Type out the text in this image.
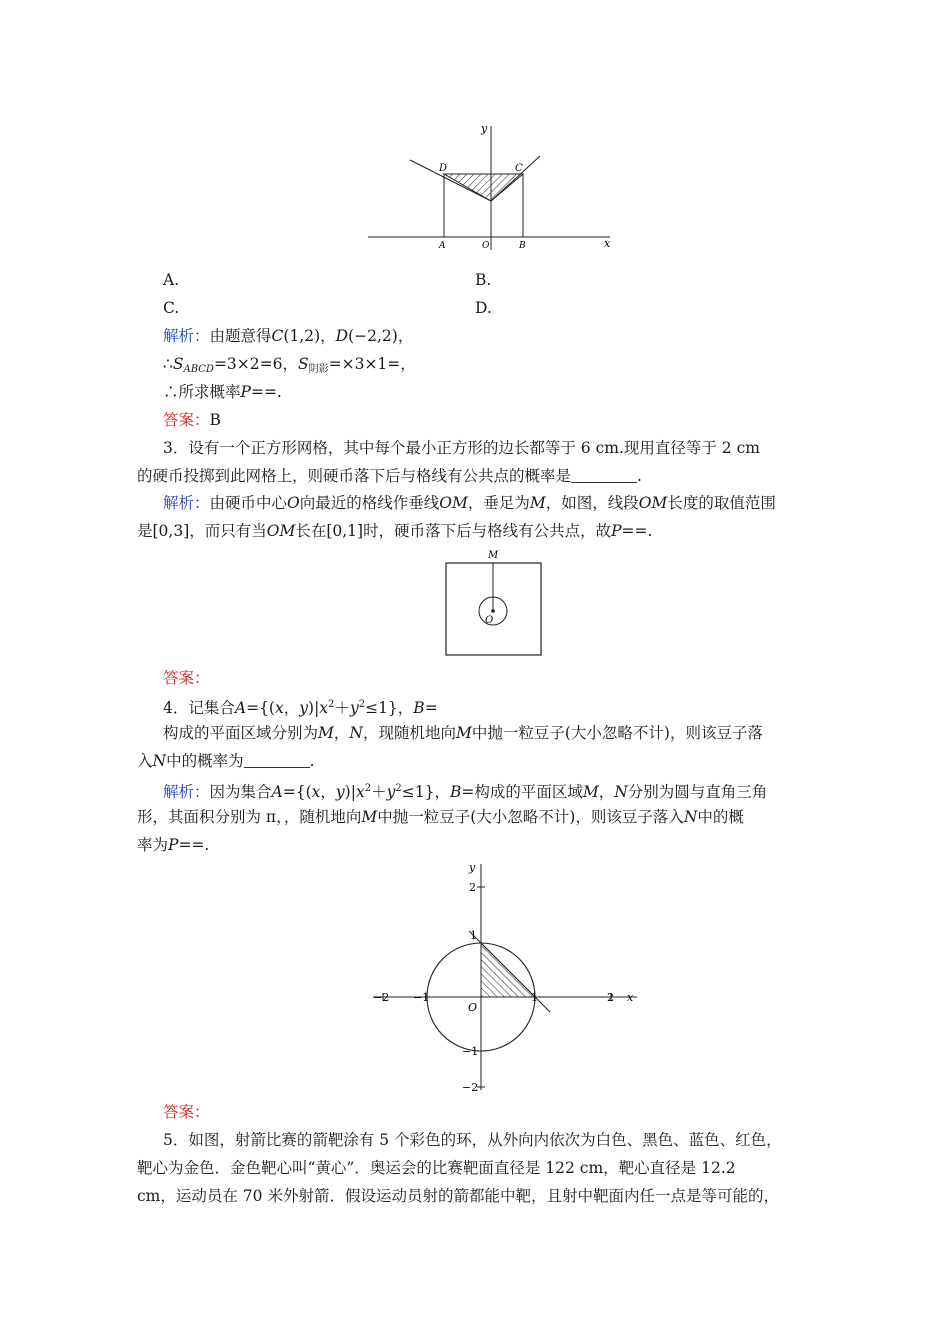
y
x
D	C
A	O	B
A.	B.
C.	D.
解析：由题意得C(1,2)，D(−2,2)，
$\therefore S_{ABCD}=3\times 2=6$，$S_{阴影}=\times 3\times 1=$，
∴所求概率P==.
答案：B
3．设有一个正方形网格，其中每个最小正方形的边长都等于 6 cm.现用直径等于 2 cm
的硬币投掷到此网格上，则硬币落下后与格线有公共点的概率是	.
解析：由硬币中心O向最近的格线作垂线OM，垂足为M，如图，线段OM长度的取值范围
是[0,3]，而只有当OM长在[0,1]时，硬币落下后与格线有公共点，故P==.
M
O
答案：
4．记集合A={(x，$y)|x^2+y^2\le 1$}，B=
构成的平面区域分别为M，N，现随机地向M中抛一粒豆子(大小忽略不计)，则该豆子落
入N中的概率为	.
解析：因为集合A={(x，$y)|x^2+y^2\le 1$}，B=构成的平面区域M，N分别为圆与直角三角
形，其面积分别为 π，，随机地向M中抛一粒豆子(大小忽略不计)，则该豆子落入N中的概
率为P==.
y
x
2
1
−1
−2
O
−2 −1	1	2
答案：
5．如图，射箭比赛的箭靶涂有 5 个彩色的环，从外向内依次为白色、黑色、蓝色、红色，
靶心为金色．金色靶心叫“黄心”．奥运会的比赛靶面直径是 122 cm，靶心直径是 12.2
cm，运动员在 70 米外射箭．假设运动员射的箭都能中靶，且射中靶面内任一点是等可能的，
